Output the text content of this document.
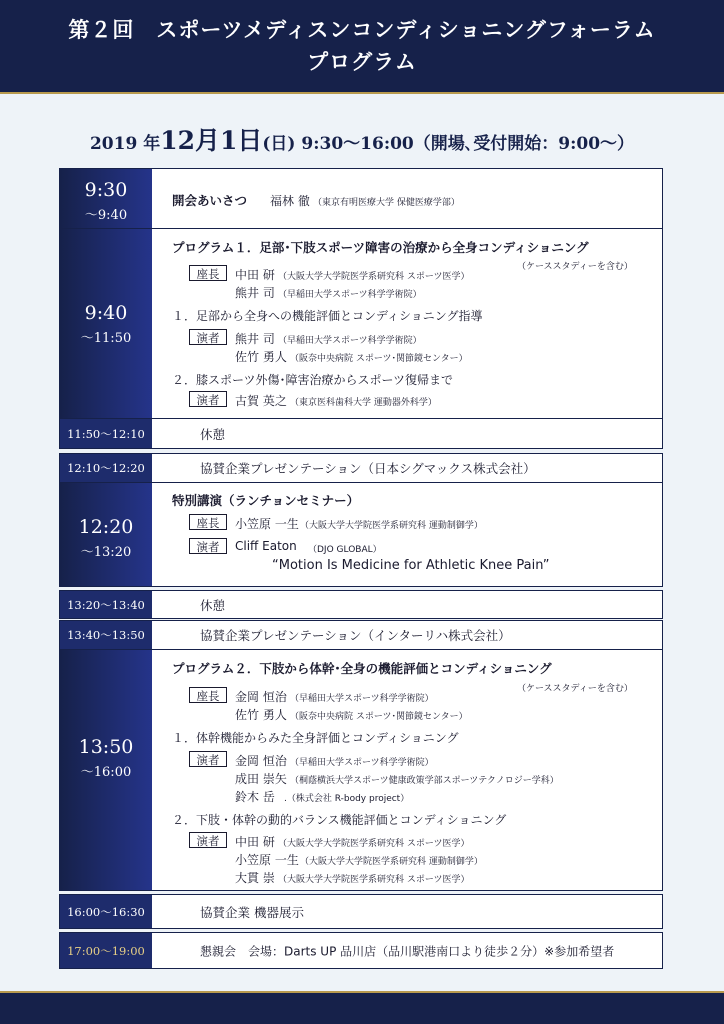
第２回　スポーツメディスンコンディショニングフォーラム
プログラム
2019 年12月1日(日) 9:30〜16:00（開場､受付開始：9:00〜）
9:30
〜9:40
開会あいさつ 福林 徹 （東京有明医療大学 保健医療学部）
9:40
〜11:50
プログラム１．足部･下肢スポーツ障害の治療から全身コンディショニング
（ケーススタディーを含む）
座長	中田 研 （大阪大学大学院医学系研究科 スポーツ医学）
熊井 司 （早稲田大学スポーツ科学学術院）
１．足部から全身への機能評価とコンディショニング指導
演者	熊井 司 （早稲田大学スポーツ科学学術院）
佐竹 勇人 （阪奈中央病院 スポーツ･関節鏡センター）
２．膝スポーツ外傷･障害治療からスポーツ復帰まで
演者	古賀 英之 （東京医科歯科大学 運動器外科学）
11:50〜12:10	休憩
12:10〜12:20	協賛企業プレゼンテーション（日本シグマックス株式会社）
12:20
〜13:20
特別講演（ランチョンセミナー）
座長	小笠原 一生 （大阪大学大学院医学系研究科 運動制御学）
演者	Cliff Eaton （DJO GLOBAL）
“Motion Is Medicine for Athletic Knee Pain”
13:20〜13:40	休憩
13:40〜13:50	協賛企業プレゼンテーション（インターリハ株式会社）
13:50
〜16:00
プログラム２．下肢から体幹･全身の機能評価とコンディショニング
（ケーススタディーを含む）
座長	金岡 恒治 （早稲田大学スポーツ科学学術院）
佐竹 勇人 （阪奈中央病院 スポーツ･関節鏡センター）
１．体幹機能からみた全身評価とコンディショニング
演者	金岡 恒治 （早稲田大学スポーツ科学学術院）
成田 崇矢 （桐蔭横浜大学スポーツ健康政策学部スポーツテクノロジー学科）
鈴木 岳 .（株式会社 R-body project）
２．下肢・体幹の動的バランス機能評価とコンディショニング
演者	中田 研 （大阪大学大学院医学系研究科 スポーツ医学）
小笠原 一生 （大阪大学大学院医学系研究科 運動制御学）
大貫 崇 （大阪大学大学院医学系研究科 スポーツ医学）
16:00〜16:30	協賛企業 機器展示
17:00〜19:00	懇親会　会場：Darts UP 品川店（品川駅港南口より徒歩２分）※参加希望者
